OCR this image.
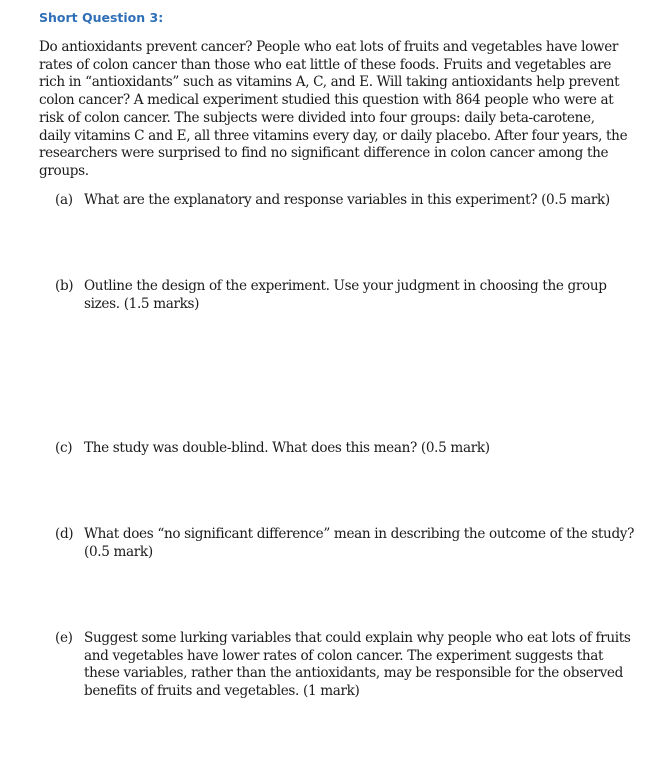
Short Question 3:

Do antioxidants prevent cancer? People who eat lots of fruits and vegetables have lower rates of colon cancer than those who eat little of these foods. Fruits and vegetables are rich in “antioxidants” such as vitamins A, C, and E. Will taking antioxidants help prevent colon cancer? A medical experiment studied this question with 864 people who were at risk of colon cancer. The subjects were divided into four groups: daily beta-carotene, daily vitamins C and E, all three vitamins every day, or daily placebo. After four years, the researchers were surprised to find no significant difference in colon cancer among the groups.

(a) What are the explanatory and response variables in this experiment? (0.5 mark)
(b) Outline the design of the experiment. Use your judgment in choosing the group sizes. (1.5 marks)
(c) The study was double-blind. What does this mean? (0.5 mark)
(d) What does “no significant difference” mean in describing the outcome of the study? (0.5 mark)
(e) Suggest some lurking variables that could explain why people who eat lots of fruits and vegetables have lower rates of colon cancer. The experiment suggests that these variables, rather than the antioxidants, may be responsible for the observed benefits of fruits and vegetables. (1 mark)
